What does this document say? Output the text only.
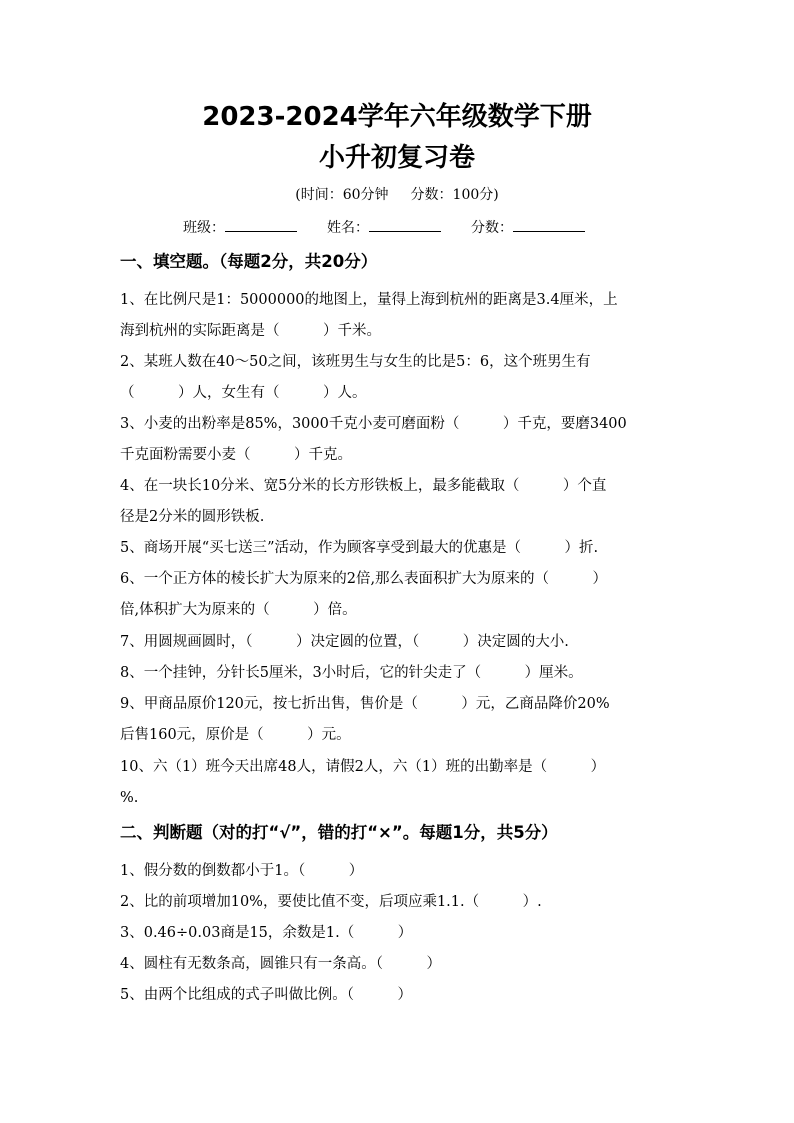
2023-2024学年六年级数学下册
小升初复习卷
(时间：60分钟 分数：100分)
班级：	姓名：	分数：
一、填空题。（每题2分，共20分）
1、在比例尺是1：5000000的地图上，量得上海到杭州的距离是3.4厘米，上
海到杭州的实际距离是（　　　）千米。
2、某班人数在40～50之间，该班男生与女生的比是5：6，这个班男生有
（　　　）人，女生有（　　　）人。
3、小麦的出粉率是85%，3000千克小麦可磨面粉（　　　）千克，要磨3400
千克面粉需要小麦（　　　）千克。
4、在一块长10分米、宽5分米的长方形铁板上，最多能截取（　　　）个直
径是2分米的圆形铁板.
5、商场开展“买七送三”活动，作为顾客享受到最大的优惠是（　　　）折.
6、一个正方体的棱长扩大为原来的2倍,那么表面积扩大为原来的（　　　）
倍,体积扩大为原来的（　　　）倍。
7、用圆规画圆时，（　　　）决定圆的位置，（　　　）决定圆的大小.
8、一个挂钟，分针长5厘米，3小时后，它的针尖走了（　　　）厘米。
9、甲商品原价120元，按七折出售，售价是（　　　）元，乙商品降价20%
后售160元，原价是（　　　）元。
10、六（1）班今天出席48人，请假2人，六（1）班的出勤率是（　　　）
%.
二、判断题（对的打“√”，错的打“×”。每题1分，共5分）
1、假分数的倒数都小于1。（　　　）
2、比的前项增加10%，要使比值不变，后项应乘1.1.（　　　）.
3、0.46÷0.03商是15，余数是1.（　　　）
4、圆柱有无数条高，圆锥只有一条高。（　　　）
5、由两个比组成的式子叫做比例。（　　　）
